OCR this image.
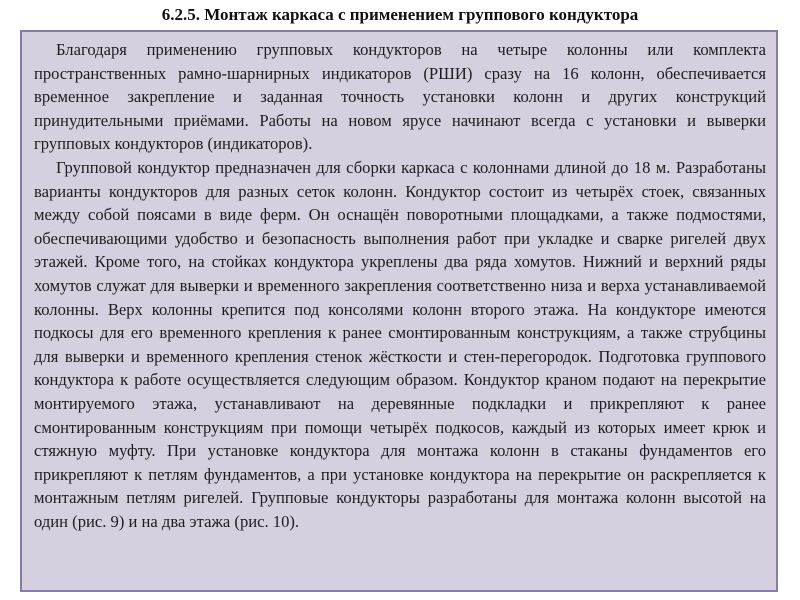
6.2.5. Монтаж каркаса с применением группового кондуктора

Благодаря применению групповых кондукторов на четыре колонны или комплекта пространственных рамно-шарнирных индикаторов (РШИ) сразу на 16 колонн, обеспечивается временное закрепление и заданная точность установки колонн и других конструкций принудительными приёмами. Работы на новом ярусе начинают всегда с установки и выверки групповых кондукторов (индикаторов).

Групповой кондуктор предназначен для сборки каркаса с колоннами длиной до 18 м. Разработаны варианты кондукторов для разных сеток колонн. Кондуктор состоит из четырёх стоек, связанных между собой поясами в виде ферм. Он оснащён поворотными площадками, а также подмостями, обеспечивающими удобство и безопасность выполнения работ при укладке и сварке ригелей двух этажей. Кроме того, на стойках кондуктора укреплены два ряда хомутов. Нижний и верхний ряды хомутов служат для выверки и временного закрепления соответственно низа и верха устанавливаемой колонны. Верх колонны крепится под консолями колонн второго этажа. На кондукторе имеются подкосы для его временного крепления к ранее смонтированным конструкциям, а также струбцины для выверки и временного крепления стенок жёсткости и стен-перегородок. Подготовка группового кондуктора к работе осуществляется следующим образом. Кондуктор краном подают на перекрытие монтируемого этажа, устанавливают на деревянные подкладки и прикрепляют к ранее смонтированным конструкциям при помощи четырёх подкосов, каждый из которых имеет крюк и стяжную муфту. При установке кондуктора для монтажа колонн в стаканы фундаментов его прикрепляют к петлям фундаментов, а при установке кондуктора на перекрытие он раскрепляется к монтажным петлям ригелей. Групповые кондукторы разработаны для монтажа колонн высотой на один (рис. 9) и на два этажа (рис. 10).
